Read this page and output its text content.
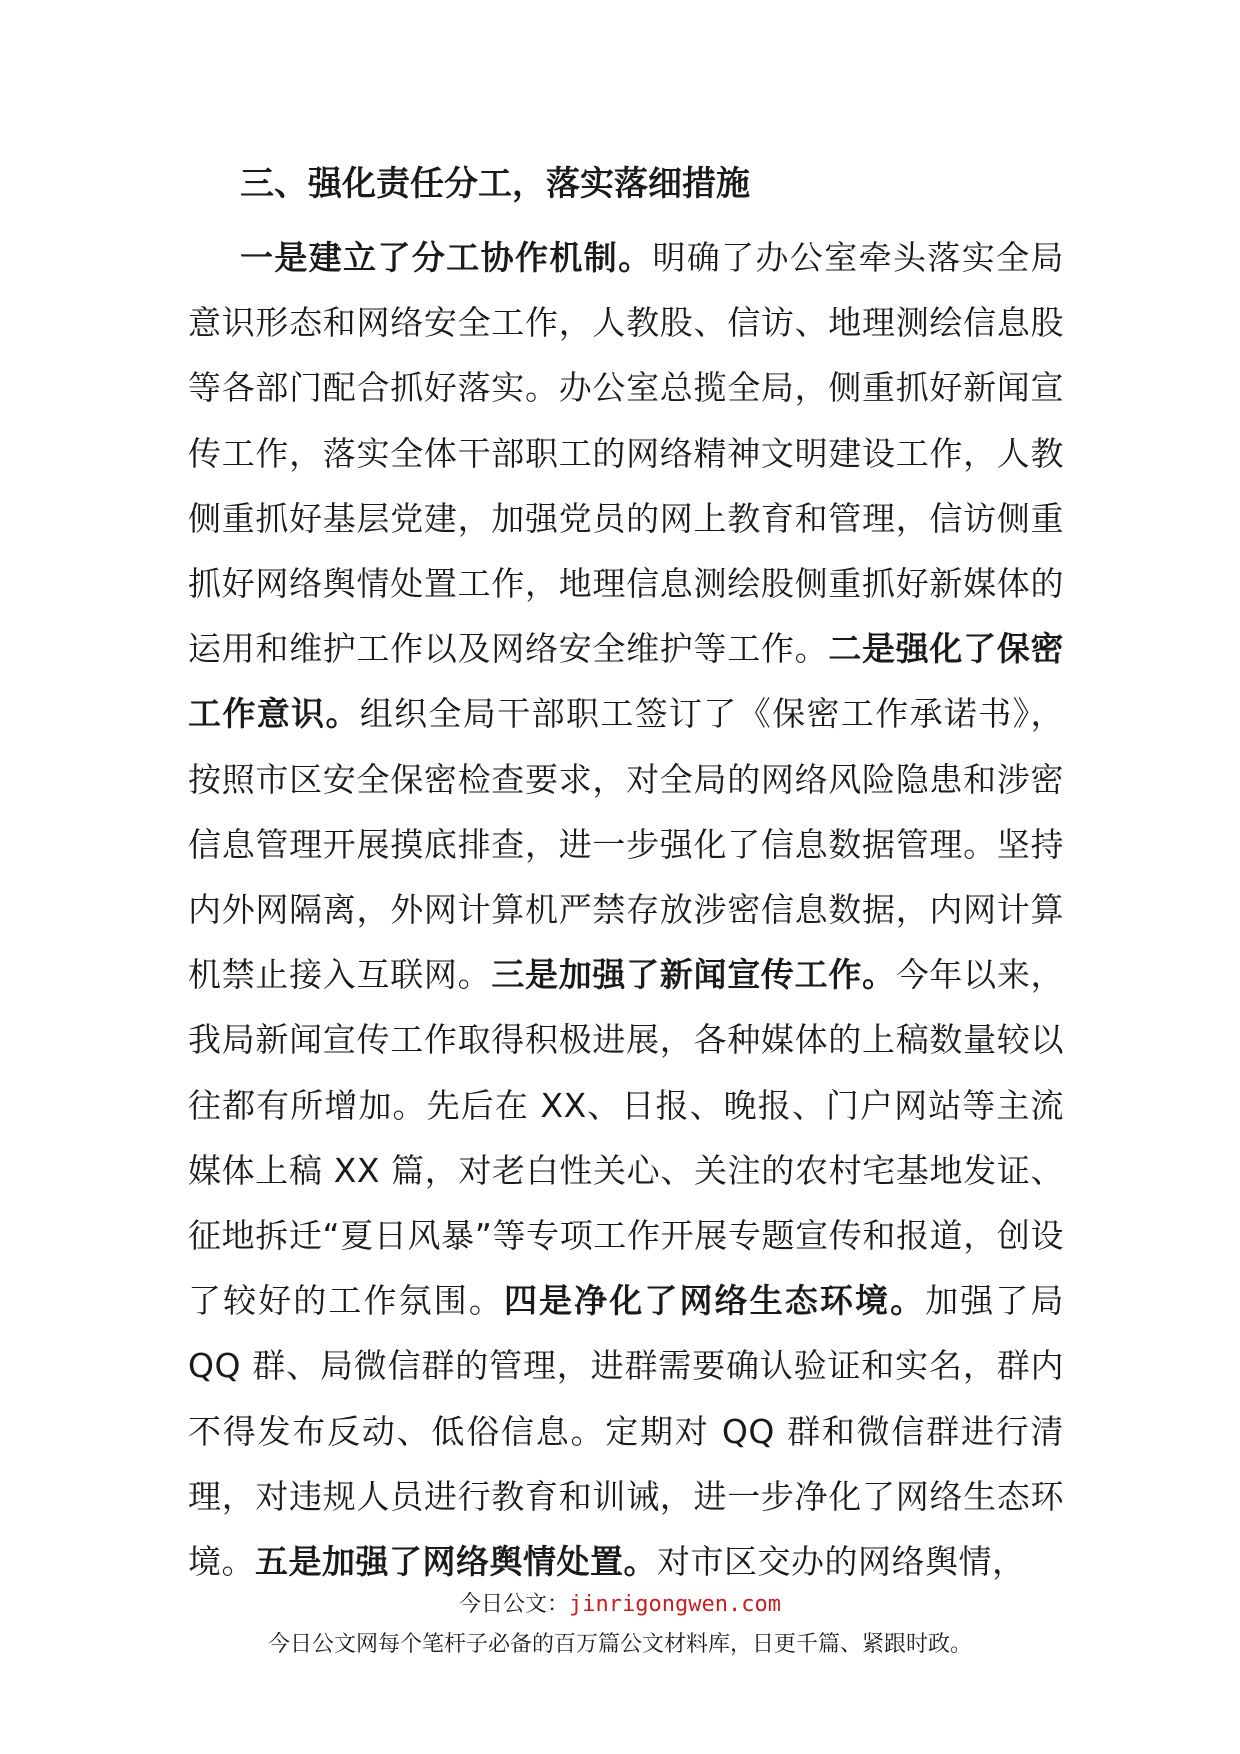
三、强化责任分工，落实落细措施
一是建立了分工协作机制。明确了办公室牵头落实全局意识形态和网络安全工作，人教股、信访、地理测绘信息股等各部门配合抓好落实。办公室总揽全局，侧重抓好新闻宣传工作，落实全体干部职工的网络精神文明建设工作，人教侧重抓好基层党建，加强党员的网上教育和管理，信访侧重抓好网络舆情处置工作，地理信息测绘股侧重抓好新媒体的运用和维护工作以及网络安全维护等工作。二是强化了保密工作意识。组织全局干部职工签订了《保密工作承诺书》，按照市区安全保密检查要求，对全局的网络风险隐患和涉密信息管理开展摸底排查，进一步强化了信息数据管理。坚持内外网隔离，外网计算机严禁存放涉密信息数据，内网计算机禁止接入互联网。三是加强了新闻宣传工作。今年以来，我局新闻宣传工作取得积极进展，各种媒体的上稿数量较以往都有所增加。先后在 XX、日报、晚报、门户网站等主流媒体上稿 XX 篇，对老白性关心、关注的农村宅基地发证、征地拆迁“夏日风暴”等专项工作开展专题宣传和报道，创设了较好的工作氛围。四是净化了网络生态环境。加强了局 QQ 群、局微信群的管理，进群需要确认验证和实名，群内不得发布反动、低俗信息。定期对 QQ 群和微信群进行清理，对违规人员进行教育和训诫，进一步净化了网络生态环境。五是加强了网络舆情处置。对市区交办的网络舆情，
今日公文：jinrigongwen.com
今日公文网每个笔杆子必备的百万篇公文材料库，日更千篇、紧跟时政。
